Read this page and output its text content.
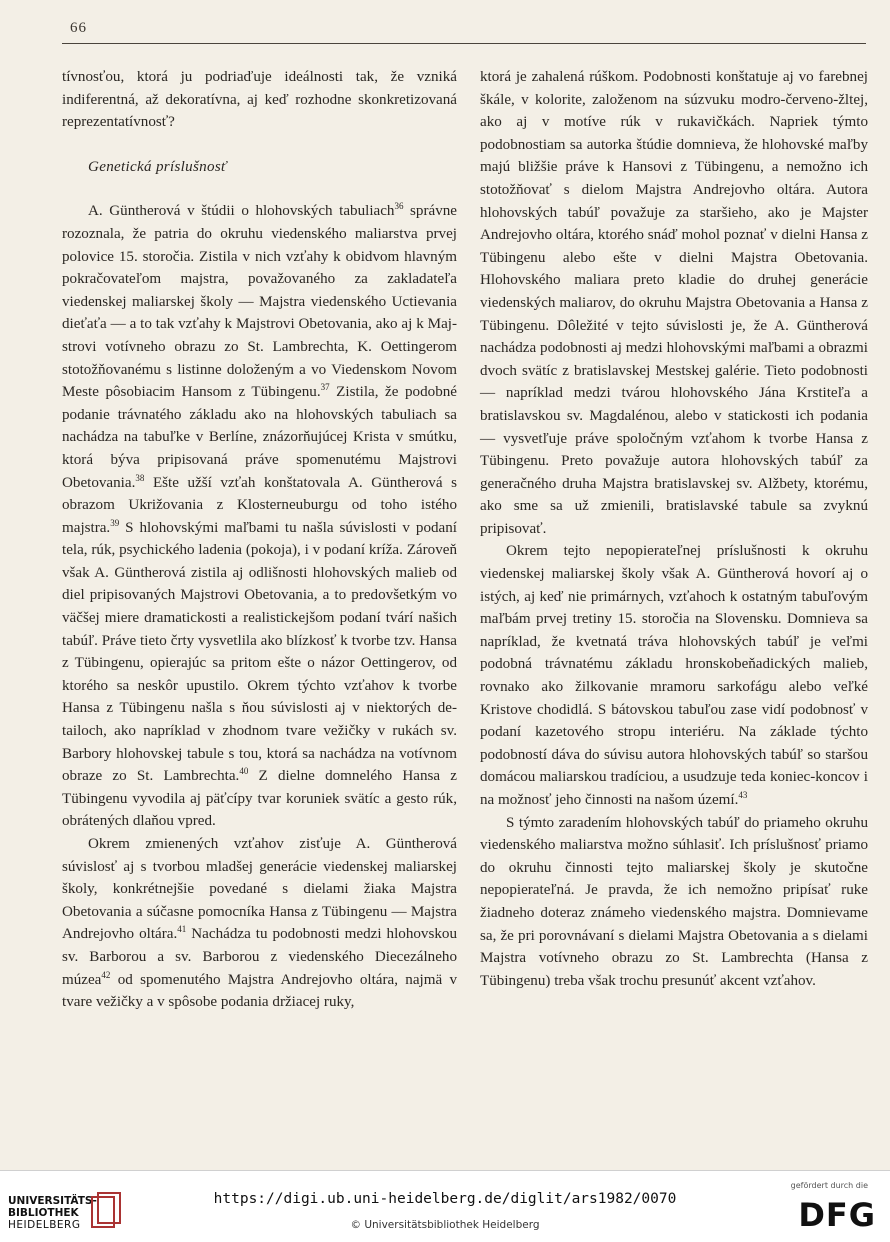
66

tívnosťou, ktorá ju podriaďuje ideálnosti tak, že vzniká indiferentná, až dekoratívna, aj keď rozhodne skonkretizovaná reprezentatívnosť?

Genetická príslušnosť

A. Güntherová v štúdii o hlohovských tabuliach$^{36}$ správne rozoznala, že patria do okruhu viedenského maliarstva prvej polovice 15. storočia. Zistila v nich vzťahy k obidvom hlavným pokračovateľom majstra, považovaného za zakladateľa viedenskej maliarskej školy — Majstra viedenského Uctievania dieťaťa — a to tak vzťahy k Majstrovi Obetovania, ako aj k Majstrovi votívneho obrazu zo St. Lambrechta, K. Oettingerom stotožňovanému s listinne doloženým a vo Viedenskom Novom Meste pôsobiacim Hansom z Tübingenu.$^{37}$ Zistila, že podobné podanie trávnatého základu ako na hlohovských tabuliach sa nachádza na tabuľke v Berlíne, znázorňujúcej Krista v smútku, ktorá býva pripisovaná práve spomenutému Majstrovi Obetovania.$^{38}$ Ešte užší vzťah konštatovala A. Güntherová s obrazom Ukrižovania z Klosterneuburgu od toho istého majstra.$^{39}$ S hlohovskými maľbami tu našla súvislosti v podaní tela, rúk, psychického ladenia (pokoja), i v podaní kríža. Zároveň však A. Güntherová zistila aj odlišnosti hlohovských malieb od diel pripisovaných Majstrovi Obetovania, a to predovšetkým vo väčšej miere dramatickosti a realistickejšom podaní tvárí našich tabúľ. Práve tieto črty vysvetlila ako blízkosť k tvorbe tzv. Hansa z Tübingenu, opierajúc sa pritom ešte o názor Oettingerov, od ktorého sa neskôr upustilo. Okrem týchto vzťahov k tvorbe Hansa z Tübingenu našla s ňou súvislosti aj v niektorých detailoch, ako napríklad v zhodnom tvare vežičky v rukách sv. Barbory hlohovskej tabule s tou, ktorá sa nachádza na votívnom obraze zo St. Lambrechta.$^{40}$ Z dielne domnelého Hansa z Tübingenu vyvodila aj päťcípy tvar koruniek svätíc a gesto rúk, obrátených dlaňou vpred.

Okrem zmienených vzťahov zisťuje A. Güntherová súvislosť aj s tvorbou mladšej generácie viedenskej maliarskej školy, konkrétnejšie povedané s dielami žiaka Majstra Obetovania a súčasne pomocníka Hansa z Tübingenu — Majstra Andrejovho oltára.$^{41}$ Nachádza tu podobnosti medzi hlohovskou sv. Barborou a sv. Barborou z viedenského Diecezálneho múzea$^{42}$ od spomenutého Majstra Andrejovho oltára, najmä v tvare vežičky a v spôsobe podania držiacej ruky,

ktorá je zahalená rúškom. Podobnosti konštatuje aj vo farebnej škále, v kolorite, založenom na súzvuku modro-červeno-žltej, ako aj v motíve rúk v rukavičkách. Napriek týmto podobnostiam sa autorka štúdie domnieva, že hlohovské maľby majú bližšie práve k Hansovi z Tübingenu, a nemožno ich stotožňovať s dielom Majstra Andrejovho oltára. Autora hlohovských tabúľ považuje za staršieho, ako je Majster Andrejovho oltára, ktorého snáď mohol poznať v dielni Hansa z Tübingenu alebo ešte v dielni Majstra Obetovania. Hlohovského maliara preto kladie do druhej generácie viedenských maliarov, do okruhu Majstra Obetovania a Hansa z Tübingenu. Dôležité v tejto súvislosti je, že A. Güntherová nachádza podobnosti aj medzi hlohovskými maľbami a obrazmi dvoch svätíc z bratislavskej Mestskej galérie. Tieto podobnosti — napríklad medzi tvárou hlohovského Jána Krstiteľa a bratislavskou sv. Magdalénou, alebo v statickosti ich podania — vysvetľuje práve spoločným vzťahom k tvorbe Hansa z Tübingenu. Preto považuje autora hlohovských tabúľ za generačného druha Majstra bratislavskej sv. Alžbety, ktorému, ako sme sa už zmienili, bratislavské tabule sa zvyknú pripisovať.

Okrem tejto nepopierateľnej príslušnosti k okruhu viedenskej maliarskej školy však A. Güntherová hovorí aj o istých, aj keď nie primárnych, vzťahoch k ostatným tabuľovým maľbám prvej tretiny 15. storočia na Slovensku. Domnieva sa napríklad, že kvetnatá tráva hlohovských tabúľ je veľmi podobná trávnatému základu hronskobeňadických malieb, rovnako ako žilkovanie mramoru sarkofágu alebo veľké Kristove chodidlá. S bátovskou tabuľou zase vidí podobnosť v podaní kazetového stropu interiéru. Na základe týchto podobností dáva do súvisu autora hlohovských tabúľ so staršou domácou maliarskou tradíciou, a usudzuje teda koniec-koncov i na možnosť jeho činnosti na našom území.$^{43}$

S týmto zaradením hlohovských tabúľ do priameho okruhu viedenského maliarstva možno súhlasiť. Ich príslušnosť priamo do okruhu činnosti tejto maliarskej školy je skutočne nepopierateľná. Je pravda, že ich nemožno pripísať ruke žiadneho doteraz známeho viedenského majstra. Domnievame sa, že pri porovnávaní s dielami Majstra Obetovania a s dielami Majstra votívneho obrazu zo St. Lambrechta (Hansa z Tübingenu) treba však trochu presunúť akcent vzťahov.

UNIVERSITÄTS-
BIBLIOTHEK
HEIDELBERG
https://digi.ub.uni-heidelberg.de/diglit/ars1982/0070
© Universitätsbibliothek Heidelberg
gefördert durch die
DFG
